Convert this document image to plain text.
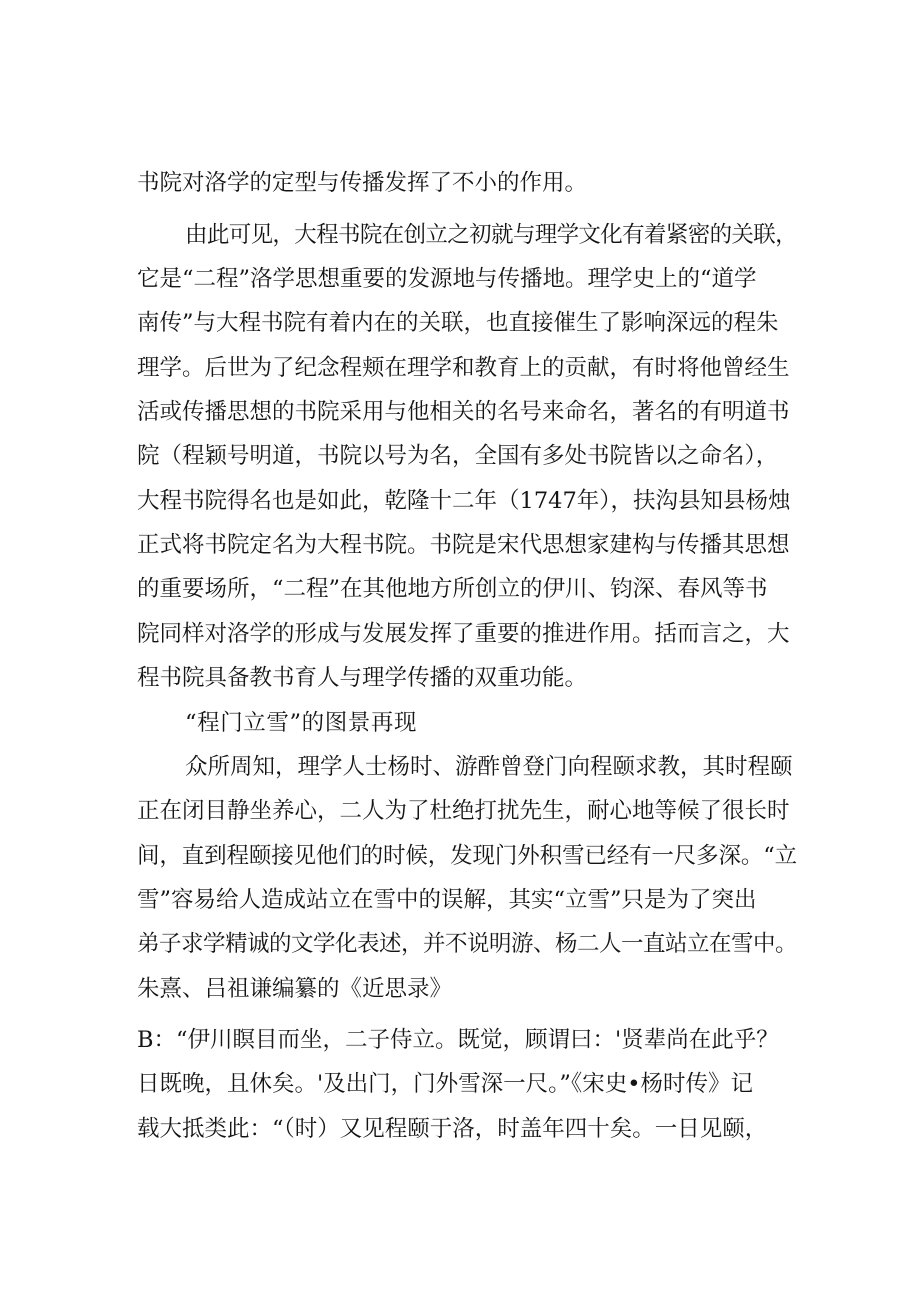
书院对洛学的定型与传播发挥了不小的作用。
由此可见，大程书院在创立之初就与理学文化有着紧密的关联，
它是“二程”洛学思想重要的发源地与传播地。理学史上的“道学
南传”与大程书院有着内在的关联，也直接催生了影响深远的程朱
理学。后世为了纪念程颊在理学和教育上的贡献，有时将他曾经生
活或传播思想的书院采用与他相关的名号来命名，著名的有明道书
院（程颖号明道，书院以号为名，全国有多处书院皆以之命名），
大程书院得名也是如此，乾隆十二年（1747年），扶沟县知县杨烛
正式将书院定名为大程书院。书院是宋代思想家建构与传播其思想
的重要场所，“二程”在其他地方所创立的伊川、钧深、春风等书
院同样对洛学的形成与发展发挥了重要的推进作用。括而言之，大
程书院具备教书育人与理学传播的双重功能。
“程门立雪”的图景再现
众所周知，理学人士杨时、游酢曾登门向程颐求教，其时程颐
正在闭目静坐养心，二人为了杜绝打扰先生，耐心地等候了很长时
间，直到程颐接见他们的时候，发现门外积雪已经有一尺多深。“立
雪”容易给人造成站立在雪中的误解，其实“立雪”只是为了突出
弟子求学精诚的文学化表述，并不说明游、杨二人一直站立在雪中。
朱熹、吕祖谦编纂的《近思录》
B：“伊川瞑目而坐，二子侍立。既觉，顾谓曰：'贤辈尚在此乎？
日既晚，且休矣。'及出门，门外雪深一尺。”《宋史•杨时传》记
载大抵类此：“（时）又见程颐于洛，时盖年四十矣。一日见颐，
